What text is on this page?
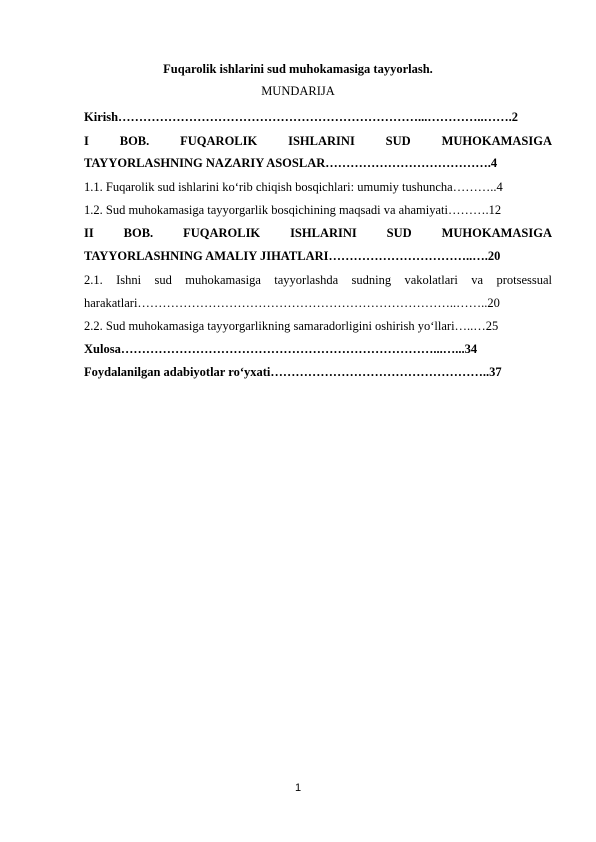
Fuqarolik ishlarini sud muhokamasiga tayyorlash.
MUNDARIJA
Kirish………………………………………………………………...…………..…….2
I BOB. FUQAROLIK ISHLARINI SUD MUHOKAMASIGA
TAYYORLASHNING NAZARIY ASOSLAR………………………………….4
1.1. Fuqarolik sud ishlarini ko‘rib chiqish bosqichlari: umumiy tushuncha………..4
1.2. Sud muhokamasiga tayyorgarlik bosqichining maqsadi va ahamiyati……….12
II BOB. FUQAROLIK ISHLARINI SUD MUHOKAMASIGA
TAYYORLASHNING AMALIY JIHATLARI……………………………..….20
2.1. Ishni sud muhokamasiga tayyorlashda sudning vakolatlari va protsessual
harakatlari…………………………………………………………………..……..20
2.2. Sud muhokamasiga tayyorgarlikning samaradorligini oshirish yo‘llari…..…25
Xulosa…………………………………………………………………...…...34
Foydalanilgan adabiyotlar ro‘yxati……………………………………………..37
1
